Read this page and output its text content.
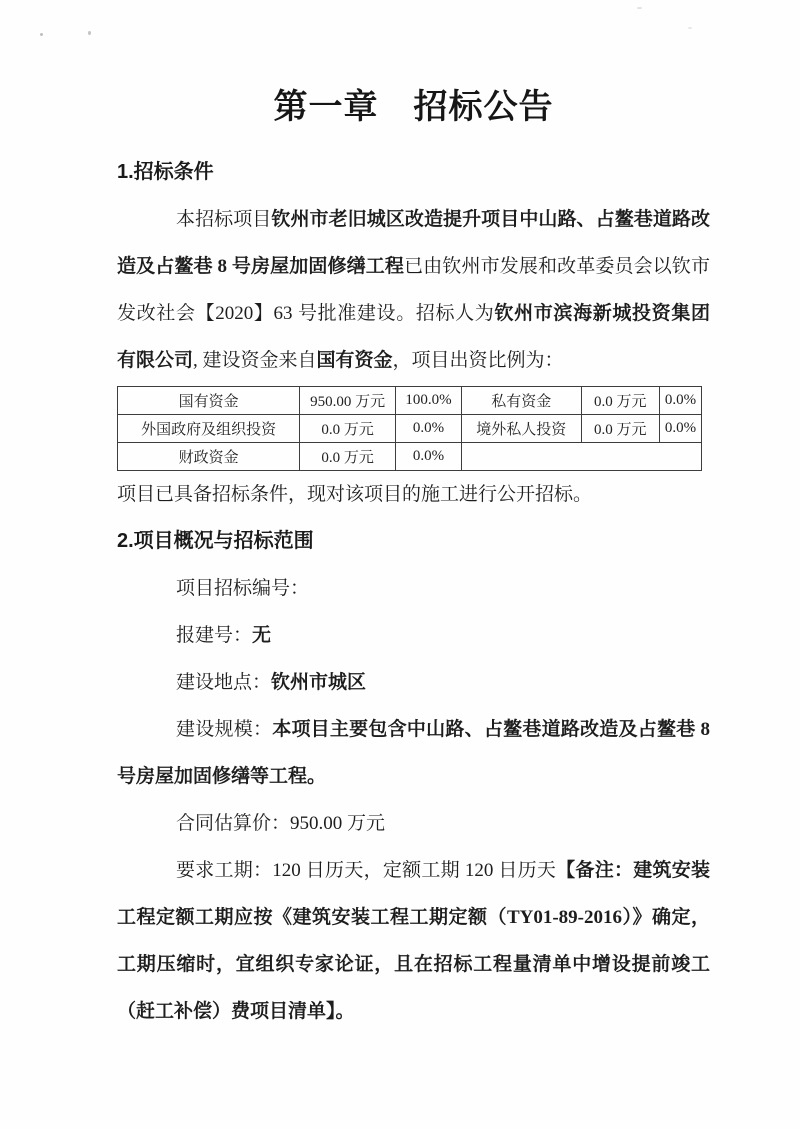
第一章　招标公告
1.招标条件

本招标项目钦州市老旧城区改造提升项目中山路、占鳌巷道路改造及占鳌巷 8 号房屋加固修缮工程已由钦州市发展和改革委员会以钦市发改社会【2020】63 号批准建设。招标人为钦州市滨海新城投资集团有限公司, 建设资金来自国有资金，项目出资比例为：

国有资金	950.00 万元	100.0%	私有资金	0.0 万元	0.0%
外国政府及组织投资	0.0 万元	0.0%	境外私人投资	0.0 万元	0.0%
财政资金	0.0 万元	0.0%			

项目已具备招标条件，现对该项目的施工进行公开招标。

2.项目概况与招标范围

项目招标编号：

报建号：无

建设地点：钦州市城区

建设规模：本项目主要包含中山路、占鳌巷道路改造及占鳌巷 8 号房屋加固修缮等工程。

合同估算价：950.00 万元

要求工期：120 日历天，定额工期 120 日历天【备注：建筑安装工程定额工期应按《建筑安装工程工期定额（TY01-89-2016）》确定，工期压缩时，宜组织专家论证，且在招标工程量清单中增设提前竣工（赶工补偿）费项目清单】。
